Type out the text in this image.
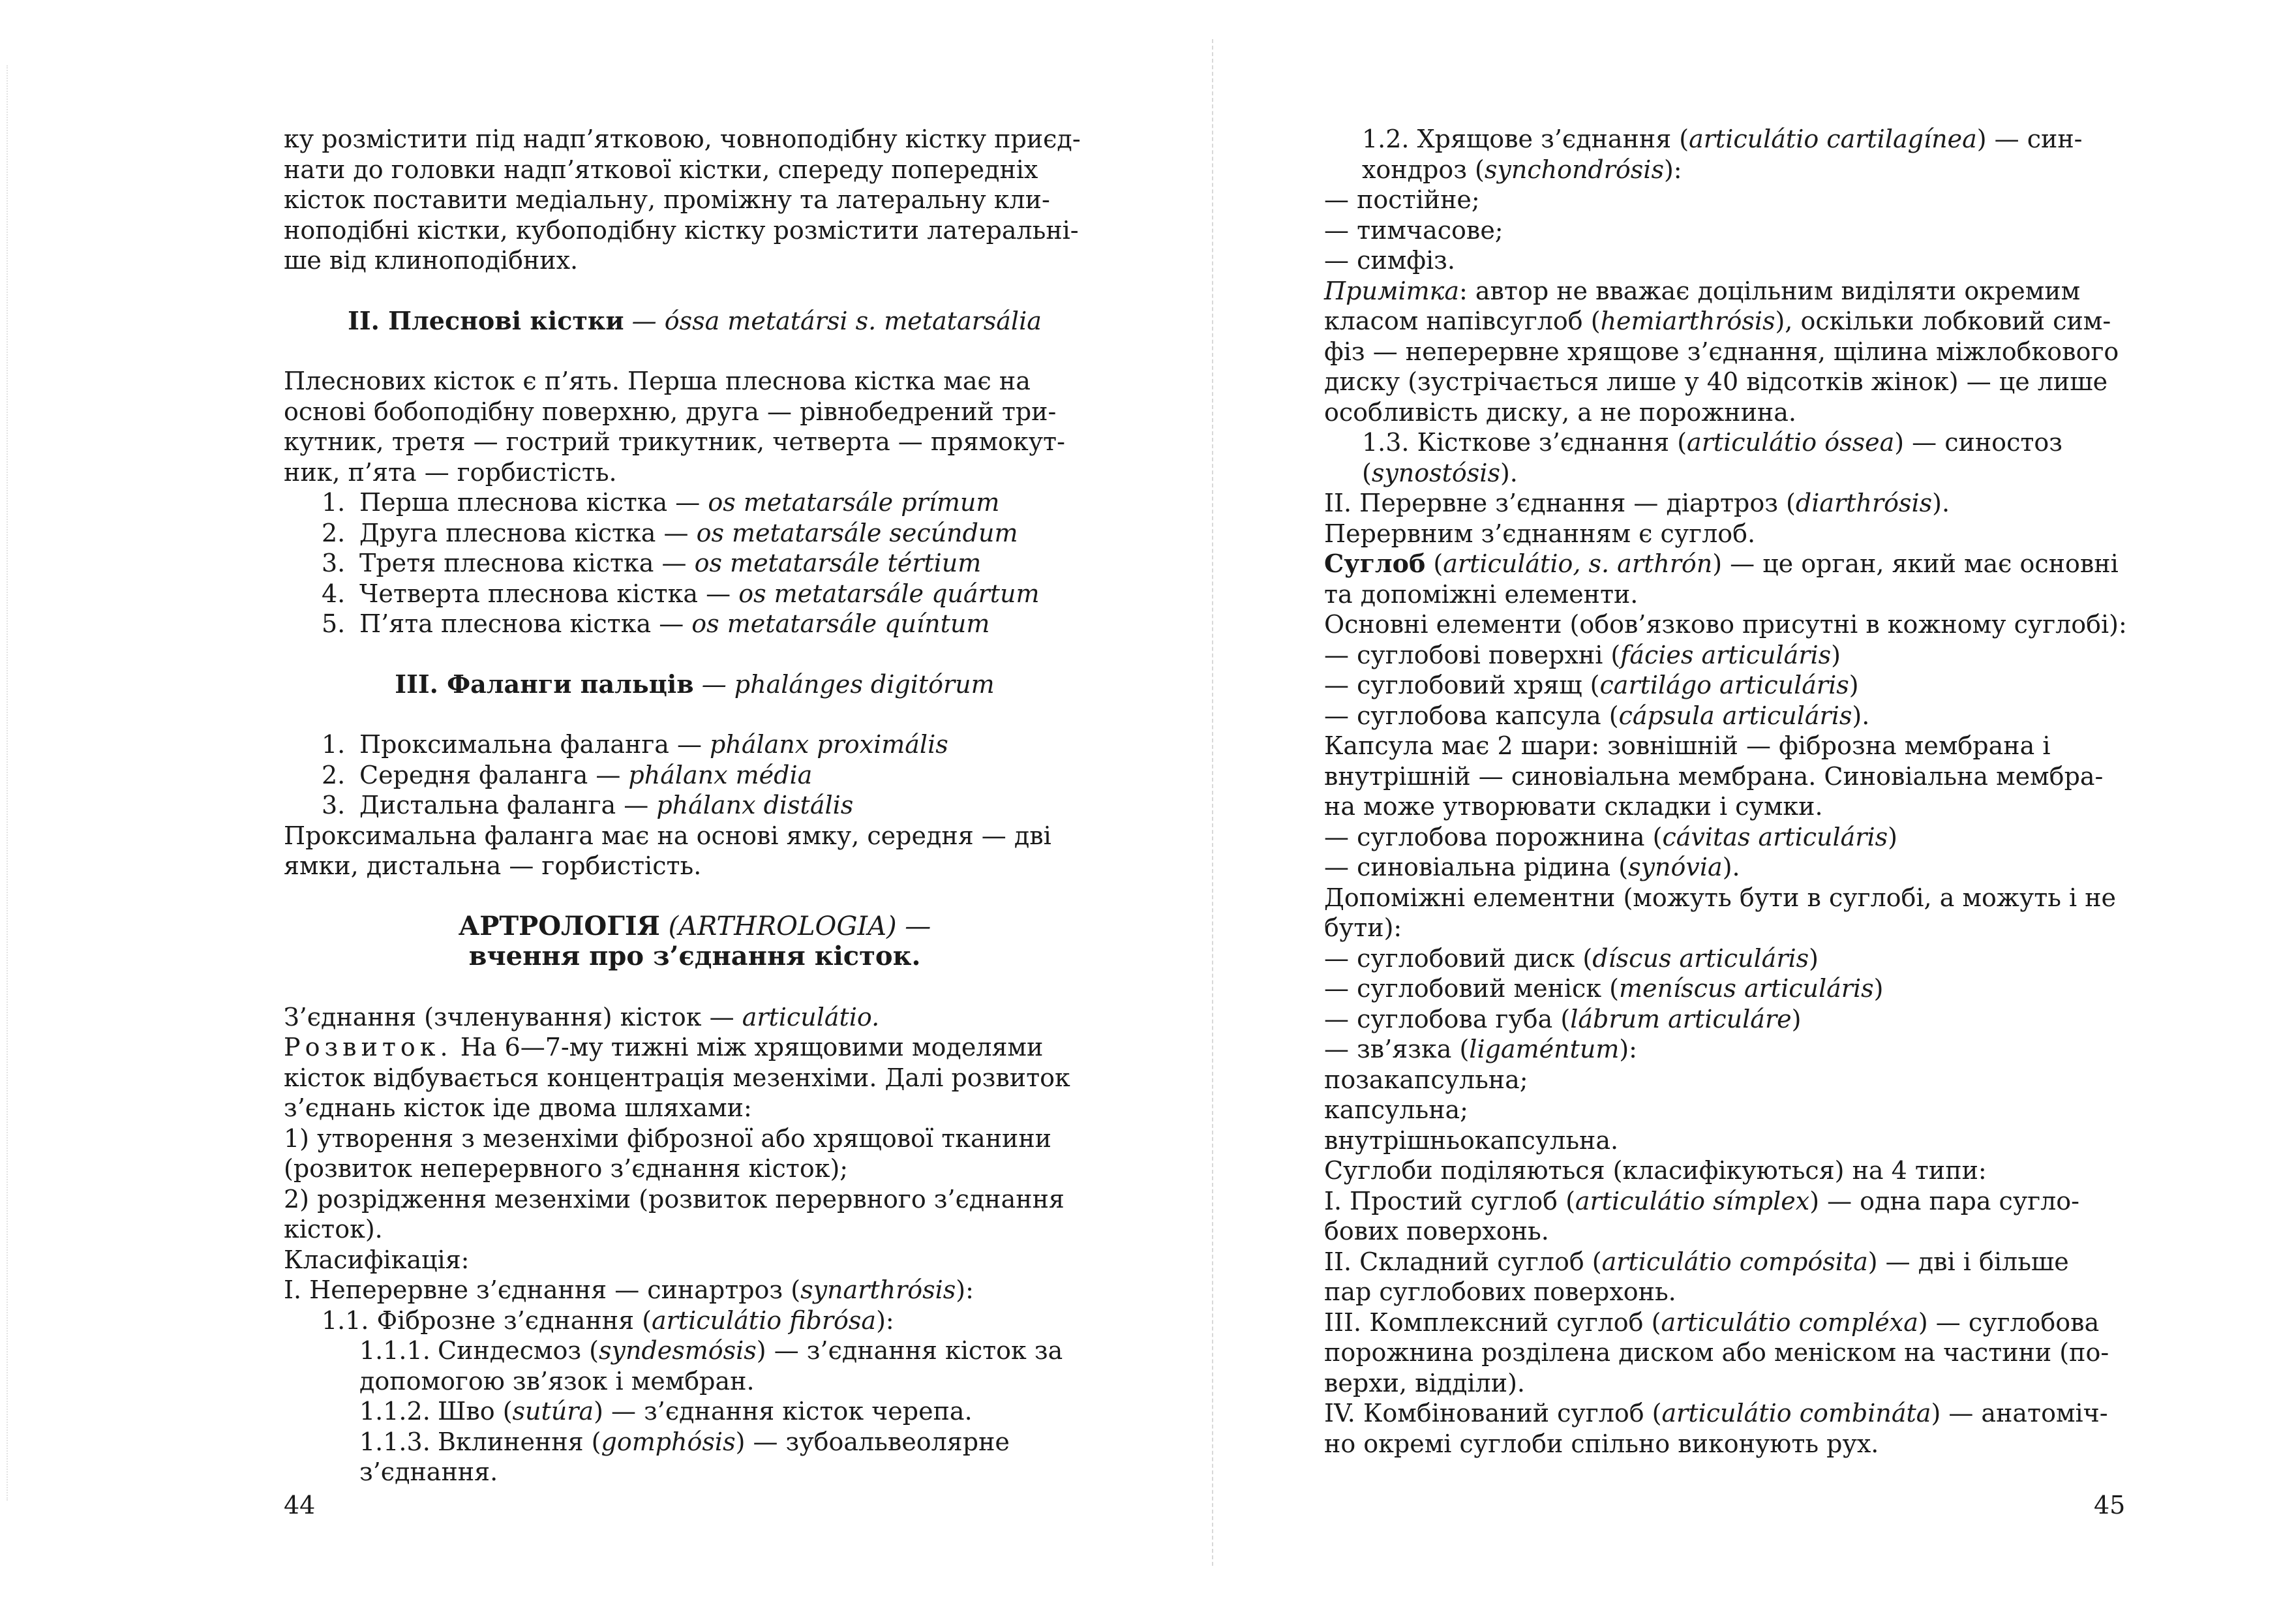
ку розмістити під надп’ятковою, човноподібну кістку приєд-
нати до головки надп’яткової кістки, спереду попередніх
кісток поставити медіальну, проміжну та латеральну кли-
ноподібні кістки, кубоподібну кістку розмістити латеральні-
ше від клиноподібних.
II. Плеснові кістки — óssa metatársi s. metatarsália
Плеснових кісток є п’ять. Перша плеснова кістка має на
основі бобоподібну поверхню, друга — рівнобедрений три-
кутник, третя — гострий трикутник, четверта — прямокут-
ник, п’ята — горбистість.
1. Перша плеснова кістка — os metatarsále prímum
2. Друга плеснова кістка — os metatarsále secúndum
3. Третя плеснова кістка — os metatarsále tértium
4. Четверта плеснова кістка — os metatarsále quártum
5. П’ята плеснова кістка — os metatarsále quíntum
III. Фаланги пальців — phalánges digitórum
1. Проксимальна фаланга — phálanx proximális
2. Середня фаланга — phálanx média
3. Дистальна фаланга — phálanx distális
Проксимальна фаланга має на основі ямку, середня — дві
ямки, дистальна — горбистість.
АРТРОЛОГІЯ (ARTHROLOGIA) —
вчення про з’єднання кісток.
З’єднання (зчленування) кісток — articulátio.
Розвиток. На 6—7-му тижні між хрящовими моделями
кісток відбувається концентрація мезенхіми. Далі розвиток
з’єднань кісток іде двома шляхами:
1) утворення з мезенхіми фіброзної або хрящової тканини
(розвиток неперервного з’єднання кісток);
2) розрідження мезенхіми (розвиток перервного з’єднання
кісток).
Класифікація:
I. Неперервне з’єднання — синартроз (synarthrósis):
1.1. Фіброзне з’єднання (articulátio fibrósa):
1.1.1. Синдесмоз (syndesmósis) — з’єднання кісток за
допомогою зв’язок і мембран.
1.1.2. Шво (sutúra) — з’єднання кісток черепа.
1.1.3. Вклинення (gomphósis) — зубоальвеолярне
з’єднання.
44
1.2. Хрящове з’єднання (articulátio cartilagínea) — син-
хондроз (synchondrósis):
— постійне;
— тимчасове;
— симфіз.
Примітка: автор не вважає доцільним виділяти окремим
класом напівсуглоб (hemiarthrósis), оскільки лобковий сим-
фіз — неперервне хрящове з’єднання, щілина міжлобкового
диску (зустрічається лише у 40 відсотків жінок) — це лише
особливість диску, а не порожнина.
1.3. Кісткове з’єднання (articulátio óssea) — синостоз
(synostósis).
II. Перервне з’єднання — діартроз (diarthrósis).
Перервним з’єднанням є суглоб.
Суглоб (articulátio, s. arthrón) — це орган, який має основні
та допоміжні елементи.
Основні елементи (обов’язково присутні в кожному суглобі):
— суглобові поверхні (fácies articuláris)
— суглобовий хрящ (cartilágo articuláris)
— суглобова капсула (cápsula articuláris).
Капсула має 2 шари: зовнішній — фіброзна мембрана і
внутрішній — синовіальна мембрана. Синовіальна мембра-
на може утворювати складки і сумки.
— суглобова порожнина (cávitas articuláris)
— синовіальна рідина (synóvia).
Допоміжні елементни (можуть бути в суглобі, а можуть і не
бути):
— суглобовий диск (díscus articuláris)
— суглобовий меніск (meníscus articuláris)
— суглобова губа (lábrum articuláre)
— зв’язка (ligaméntum):
позакапсульна;
капсульна;
внутрішньокапсульна.
Суглоби поділяються (класифікуються) на 4 типи:
I. Простий суглоб (articulátio símplex) — одна пара сугло-
бових поверхонь.
II. Складний суглоб (articulátio compósita) — дві і більше
пар суглобових поверхонь.
III. Комплексний суглоб (articulátio compléxa) — суглобова
порожнина розділена диском або меніском на частини (по-
верхи, відділи).
IV. Комбінований суглоб (articulátio combináta) — анатоміч-
но окремі суглоби спільно виконують рух.
45
